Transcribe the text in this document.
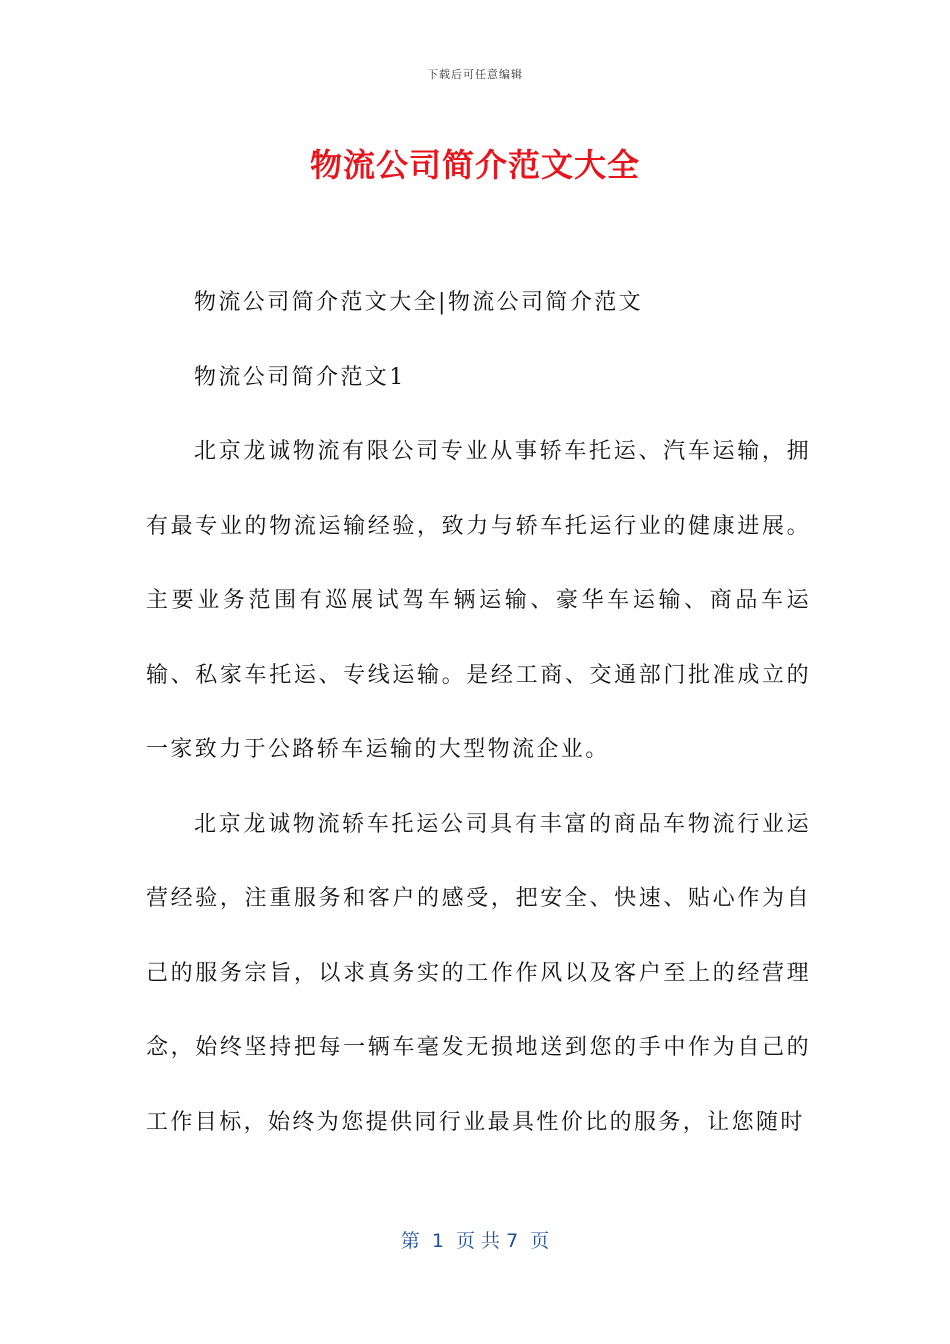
下载后可任意编辑
物流公司简介范文大全

物流公司简介范文大全|物流公司简介范文

物流公司简介范文1

北京龙诚物流有限公司专业从事轿车托运、汽车运输，拥有最专业的物流运输经验，致力与轿车托运行业的健康进展。主要业务范围有巡展试驾车辆运输、豪华车运输、商品车运输、私家车托运、专线运输。是经工商、交通部门批准成立的一家致力于公路轿车运输的大型物流企业。

北京龙诚物流轿车托运公司具有丰富的商品车物流行业运营经验，注重服务和客户的感受，把安全、快速、贴心作为自己的服务宗旨，以求真务实的工作作风以及客户至上的经营理念，始终坚持把每一辆车毫发无损地送到您的手中作为自己的工作目标，始终为您提供同行业最具性价比的服务，让您随时

第  1  页 共 7  页
